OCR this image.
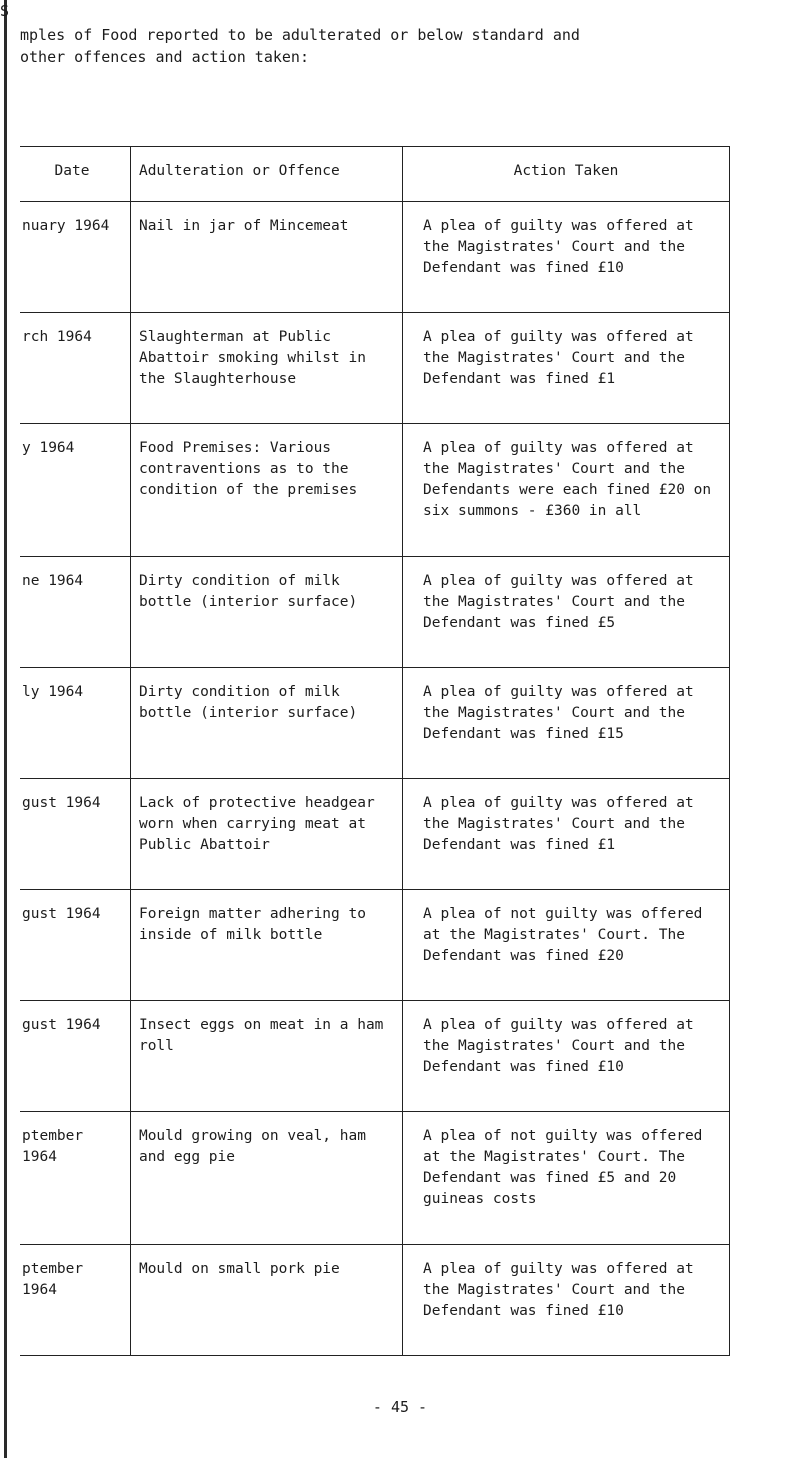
S
mples of Food reported to be adulterated or below standard and
other offences and action taken:
Date	Adulteration or Offence	Action Taken
nuary 1964	Nail in jar of Mincemeat	A plea of guilty was offered at the Magistrates' Court and the Defendant was fined £10
rch 1964	Slaughterman at Public Abattoir smoking whilst in the Slaughterhouse	A plea of guilty was offered at the Magistrates' Court and the Defendant was fined £1
y 1964	Food Premises: Various contraventions as to the condition of the premises	A plea of guilty was offered at the Magistrates' Court and the Defendants were each fined £20 on six summons - £360 in all
ne 1964	Dirty condition of milk bottle (interior surface)	A plea of guilty was offered at the Magistrates' Court and the Defendant was fined £5
ly 1964	Dirty condition of milk bottle (interior surface)	A plea of guilty was offered at the Magistrates' Court and the Defendant was fined £15
gust 1964	Lack of protective headgear worn when carrying meat at Public Abattoir	A plea of guilty was offered at the Magistrates' Court and the Defendant was fined £1
gust 1964	Foreign matter adhering to inside of milk bottle	A plea of not guilty was offered at the Magistrates' Court. The Defendant was fined £20
gust 1964	Insect eggs on meat in a ham roll	A plea of guilty was offered at the Magistrates' Court and the Defendant was fined £10
ptember 1964	Mould growing on veal, ham and egg pie	A plea of not guilty was offered at the Magistrates' Court. The Defendant was fined £5 and 20 guineas costs
ptember 1964	Mould on small pork pie	A plea of guilty was offered at the Magistrates' Court and the Defendant was fined £10
- 45 -
